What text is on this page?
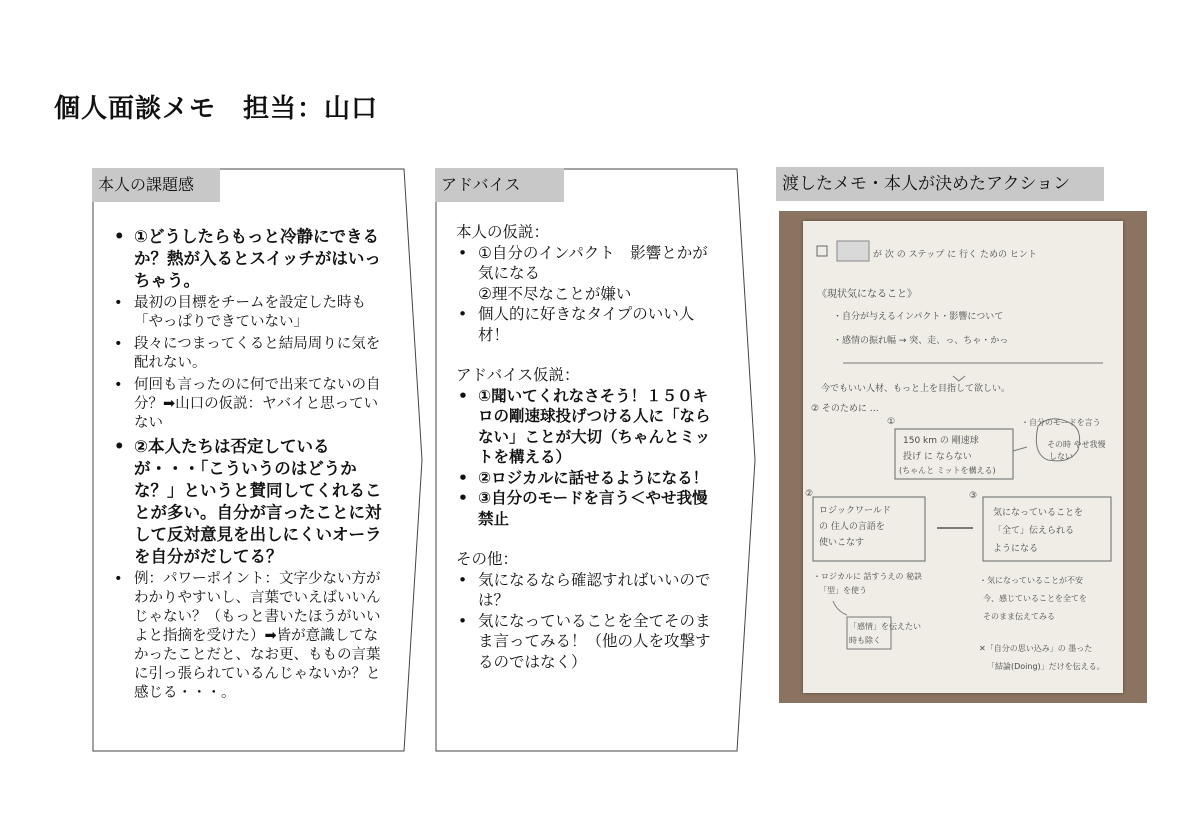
個人面談メモ　担当：山口
本人の課題感
• ①どうしたらもっと冷静にできるか？熱が入るとスイッチがはいっちゃう。
• 最初の目標をチームを設定した時も「やっぱりできていない」
• 段々につまってくると結局周りに気を配れない。
• 何回も言ったのに何で出来てないの自分？➡山口の仮説：ヤバイと思っていない
• ②本人たちは否定しているが・・・「こういうのはどうかな？」というと賛同してくれることが多い。自分が言ったことに対して反対意見を出しにくいオーラを自分がだしてる？
• 例：パワーポイント：文字少ない方がわかりやすいし、言葉でいえばいいんじゃない？（もっと書いたほうがいいよと指摘を受けた）➡皆が意識してなかったことだと、なお更、ももの言葉に引っ張られているんじゃないか？と感じる・・・。
アドバイス
本人の仮説：
• ①自分のインパクト　影響とかが気になる
②理不尽なことが嫌い
• 個人的に好きなタイプのいい人材！
アドバイス仮説：
• ①聞いてくれなさそう！１５０キロの剛速球投げつける人に「ならない」ことが大切（ちゃんとミットを構える）
• ②ロジカルに話せるようになる！
• ③自分のモードを言う＜やせ我慢禁止
その他：
• 気になるなら確認すればいいのでは？
• 気になっていることを全てそのまま言ってみる！（他の人を攻撃するのではなく）
渡したメモ・本人が決めたアクション
が 次 の ステップ に 行く ための ヒント
《現状気になること》
・自分が与えるインパクト・影響について
・感情の振れ幅 → 突、走、っ、ちゃ・かっ
今でもいい人材、もっと上を目指して欲しい。
② そのために …
①
150 km の 剛速球
投げ に ならない
(ちゃんと ミットを構える)
・自分のモードを言う
その時 やせ我慢
しない
②
ロジックワールド
の 住人の言語を
使いこなす
③
気になっていることを
「全て」伝えられる
ようになる
・ロジカルに 話すうえの 秘訣
「型」を使う
「感情」を伝えたい
時も除く
・気になっていることが不安
今、感じていることを全てを
そのまま伝えてみる
✕「自分の思い込み」の 墨った
「結論(Doing)」だけを伝える。
